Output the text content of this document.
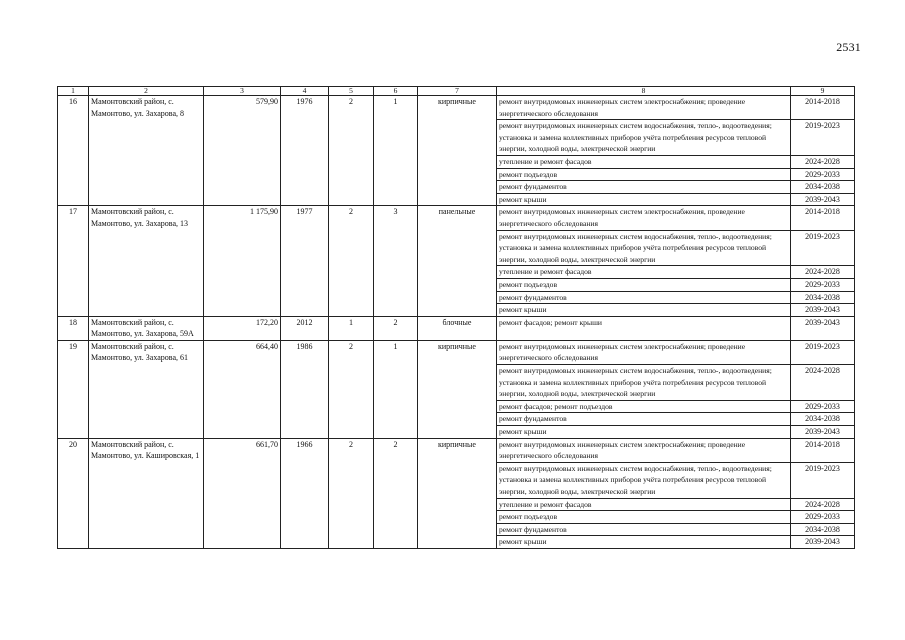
2531
1	2	3	4	5	6	7	8	9
16	Мамонтовский район, с. Мамонтово, ул. Захарова, 8	579,90	1976	2	1	кирпичные	ремонт внутридомовых инженерных систем электроснабжения; проведение энергетического обследования	2014-2018
							ремонт внутридомовых инженерных систем водоснабжения, тепло-, водоотведения; установка и замена коллективных приборов учёта потребления ресурсов тепловой энергии, холодной воды, электрической энергии	2019-2023
							утепление и ремонт фасадов	2024-2028
							ремонт подъездов	2029-2033
							ремонт фундаментов	2034-2038
							ремонт крыши	2039-2043
17	Мамонтовский район, с. Мамонтово, ул. Захарова, 13	1 175,90	1977	2	3	панельные	ремонт внутридомовых инженерных систем электроснабжения, проведение энергетического обследования	2014-2018
							ремонт внутридомовых инженерных систем водоснабжения, тепло-, водоотведения; установка и замена коллективных приборов учёта потребления ресурсов тепловой энергии, холодной воды, электрической энергии	2019-2023
							утепление и ремонт фасадов	2024-2028
							ремонт подъездов	2029-2033
							ремонт фундаментов	2034-2038
							ремонт крыши	2039-2043
18	Мамонтовский район, с. Мамонтово, ул. Захарова, 59А	172,20	2012	1	2	блочные	ремонт фасадов; ремонт крыши	2039-2043
19	Мамонтовский район, с. Мамонтово, ул. Захарова, 61	664,40	1986	2	1	кирпичные	ремонт внутридомовых инженерных систем электроснабжения; проведение энергетического обследования	2019-2023
							ремонт внутридомовых инженерных систем водоснабжения, тепло-, водоотведения; установка и замена коллективных приборов учёта потребления ресурсов тепловой энергии, холодной воды, электрической энергии	2024-2028
							ремонт фасадов; ремонт подъездов	2029-2033
							ремонт фундаментов	2034-2038
							ремонт крыши	2039-2043
20	Мамонтовский район, с. Мамонтово, ул. Кашировская, 1	661,70	1966	2	2	кирпичные	ремонт внутридомовых инженерных систем электроснабжения; проведение энергетического обследования	2014-2018
							ремонт внутридомовых инженерных систем водоснабжения, тепло-, водоотведения; установка и замена коллективных приборов учёта потребления ресурсов тепловой энергии, холодной воды, электрической энергии	2019-2023
							утепление и ремонт фасадов	2024-2028
							ремонт подъездов	2029-2033
							ремонт фундаментов	2034-2038
							ремонт крыши	2039-2043
